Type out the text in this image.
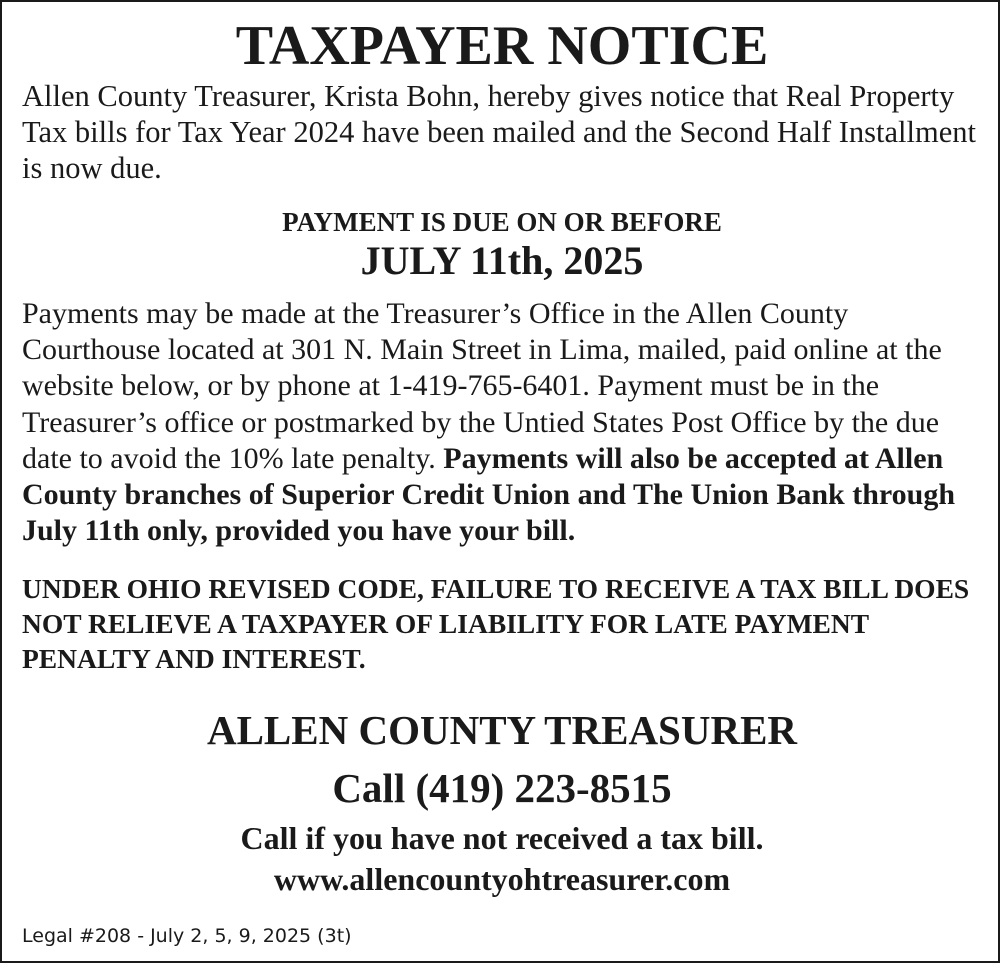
TAXPAYER NOTICE

Allen County Treasurer, Krista Bohn, hereby gives notice that Real Property Tax bills for Tax Year 2024 have been mailed and the Second Half Installment is now due.

PAYMENT IS DUE ON OR BEFORE
JULY 11th, 2025

Payments may be made at the Treasurer’s Office in the Allen County Courthouse located at 301 N. Main Street in Lima, mailed, paid online at the website below, or by phone at 1-419-765-6401. Payment must be in the Treasurer’s office or postmarked by the Untied States Post Office by the due date to avoid the 10% late penalty. Payments will also be accepted at Allen County branches of Superior Credit Union and The Union Bank through July 11th only, provided you have your bill.

UNDER OHIO REVISED CODE, FAILURE TO RECEIVE A TAX BILL DOES NOT RELIEVE A TAXPAYER OF LIABILITY FOR LATE PAYMENT PENALTY AND INTEREST.

ALLEN COUNTY TREASURER
Call (419) 223-8515
Call if you have not received a tax bill.
www.allencountyohtreasurer.com
Legal #208 - July 2, 5, 9, 2025 (3t)
